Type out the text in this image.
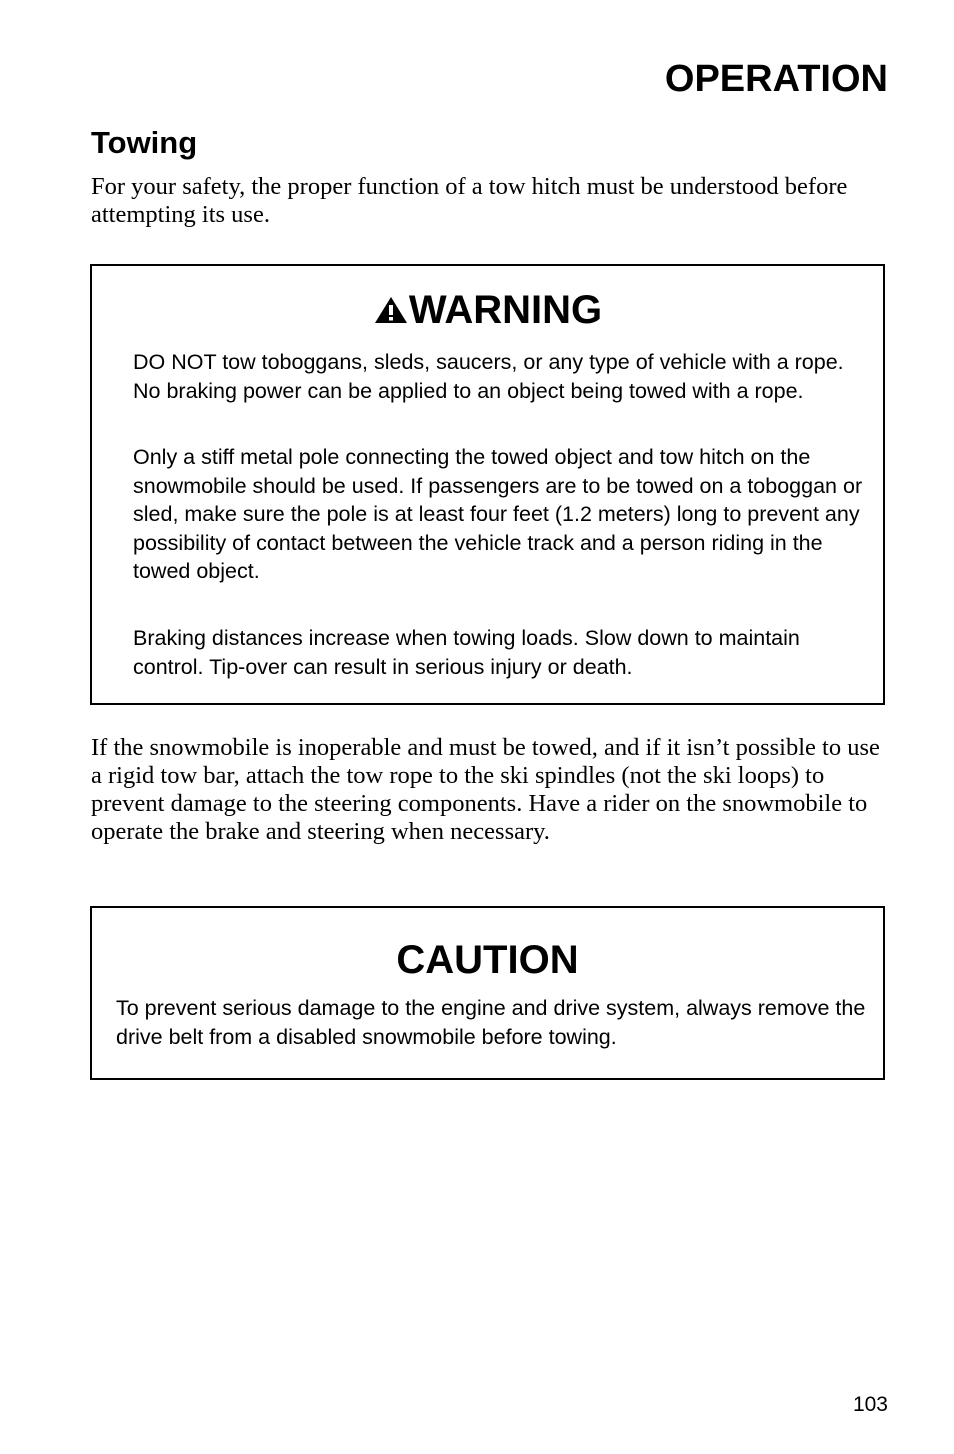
OPERATION
Towing

For your safety, the proper function of a tow hitch must be understood before attempting its use.

WARNING

DO NOT tow toboggans, sleds, saucers, or any type of vehicle with a rope. No braking power can be applied to an object being towed with a rope.

Only a stiff metal pole connecting the towed object and tow hitch on the snowmobile should be used. If passengers are to be towed on a toboggan or sled, make sure the pole is at least four feet (1.2 meters) long to prevent any possibility of contact between the vehicle track and a person riding in the towed object.

Braking distances increase when towing loads. Slow down to maintain control. Tip-over can result in serious injury or death.

If the snowmobile is inoperable and must be towed, and if it isn’t possible to use a rigid tow bar, attach the tow rope to the ski spindles (not the ski loops) to prevent damage to the steering components. Have a rider on the snowmobile to operate the brake and steering when necessary.

CAUTION

To prevent serious damage to the engine and drive system, always remove the drive belt from a disabled snowmobile before towing.

103
